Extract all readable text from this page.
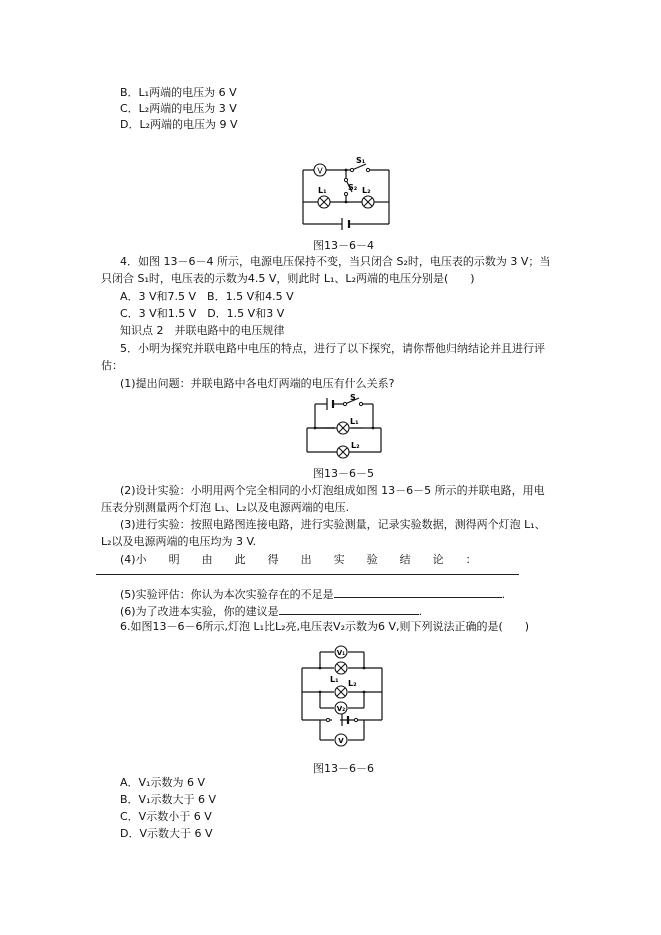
B．L₁两端的电压为 6 V
C．L₂两端的电压为 3 V
D．L₂两端的电压为 9 V
V
S₁
S₂
L₁	L₂
图13－6－4
4．如图 13－6－4 所示，电源电压保持不变，当只闭合 S₂时，电压表的示数为 3 V；当
只闭合 S₁时，电压表的示数为4.5 V，则此时 L₁、L₂两端的电压分别是(　　)
A．3 V和7.5 V　B．1.5 V和4.5 V
C．3 V和1.5 V　D．1.5 V和3 V
知识点 2　并联电路中的电压规律
5．小明为探究并联电路中电压的特点，进行了以下探究，请你帮他归纳结论并且进行评
估：
(1)提出问题：并联电路中各电灯两端的电压有什么关系?
S
L₁
L₂
图13－6－5
(2)设计实验：小明用两个完全相同的小灯泡组成如图 13－6－5 所示的并联电路，用电
压表分别测量两个灯泡 L₁、L₂以及电源两端的电压.
(3)进行实验：按照电路图连接电路，进行实验测量，记录实验数据，测得两个灯泡 L₁、
L₂以及电源两端的电压均为 3 V.
(4)小　　明　　由　　此　　得　　出　　实　　验　　结　　论　　：
(5)实验评估：你认为本次实验存在的不足是	.
(6)为了改进本实验，你的建议是	.
6.如图13－6－6所示,灯泡 L₁比L₂亮,电压表V₂示数为6 V,则下列说法正确的是(　　)
V₁
V₂
V
L₁ L₂
图13－6－6
A．V₁示数为 6 V
B．V₁示数大于 6 V
C．V示数小于 6 V
D．V示数大于 6 V
